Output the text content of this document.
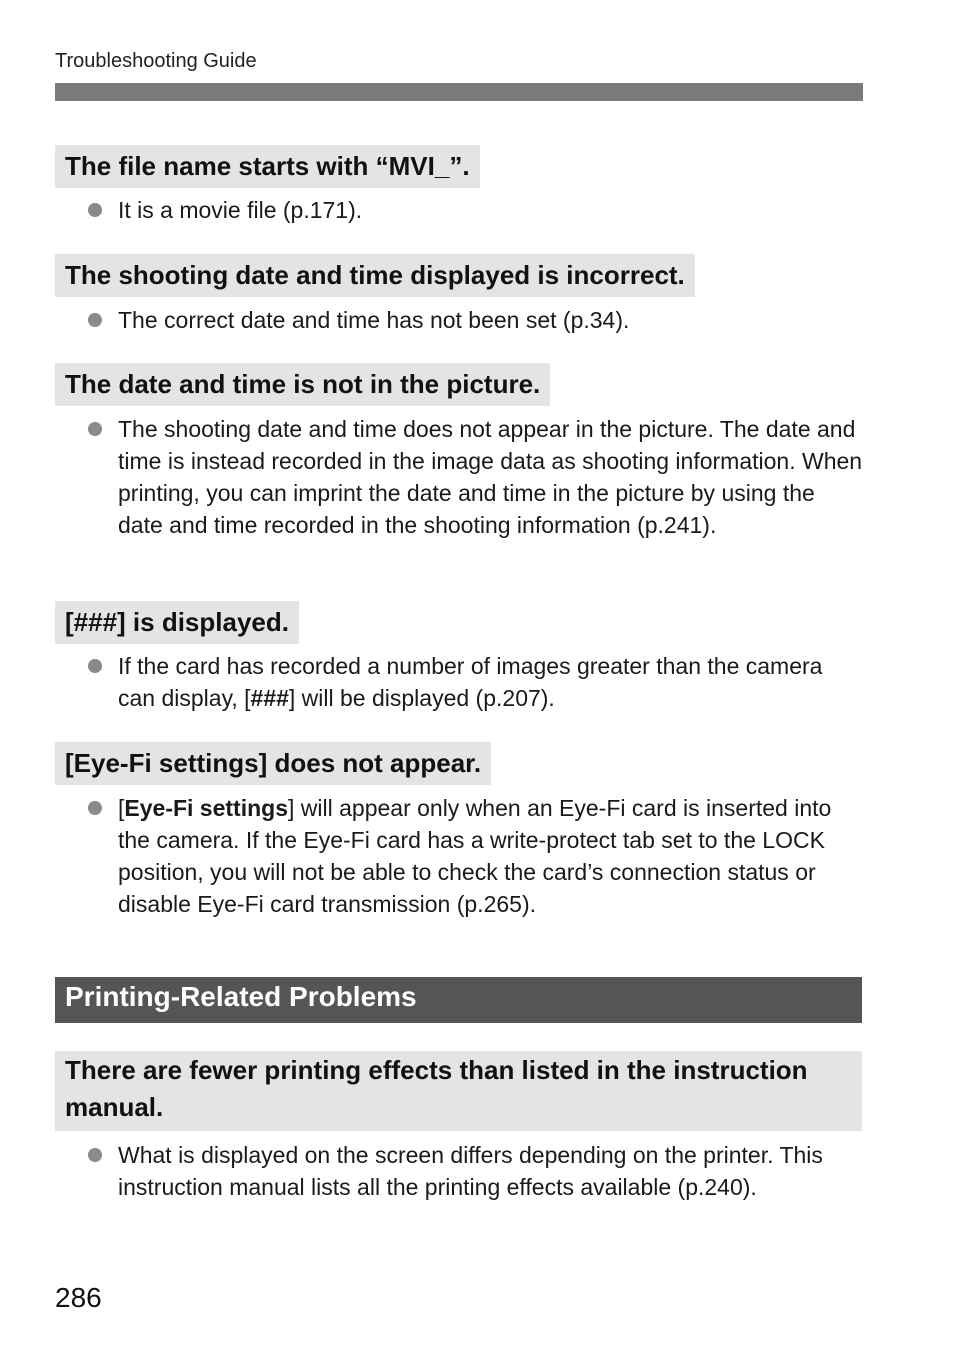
Troubleshooting Guide
The file name starts with “MVI_”.
It is a movie file (p.171).
The shooting date and time displayed is incorrect.
The correct date and time has not been set (p.34).
The date and time is not in the picture.
The shooting date and time does not appear in the picture. The date and time is instead recorded in the image data as shooting information. When printing, you can imprint the date and time in the picture by using the date and time recorded in the shooting information (p.241).
[###] is displayed.
If the card has recorded a number of images greater than the camera can display, [###] will be displayed (p.207).
[Eye-Fi settings] does not appear.
[Eye-Fi settings] will appear only when an Eye-Fi card is inserted into the camera. If the Eye-Fi card has a write-protect tab set to the LOCK position, you will not be able to check the card’s connection status or disable Eye-Fi card transmission (p.265).
Printing-Related Problems
There are fewer printing effects than listed in the instruction manual.
What is displayed on the screen differs depending on the printer. This instruction manual lists all the printing effects available (p.240).
286
